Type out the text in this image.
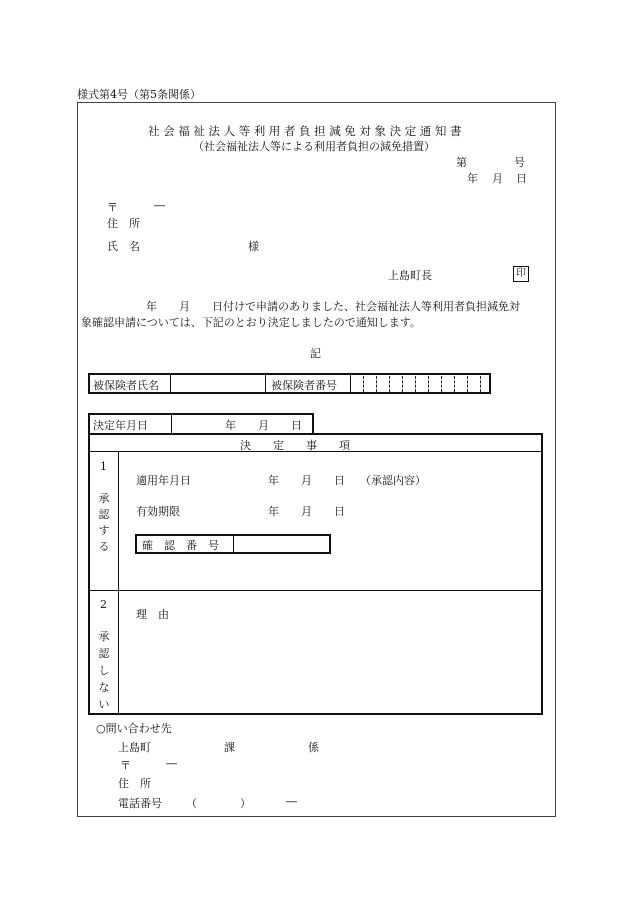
様式第4号（第5条関係）
社会福祉法人等利用者負担減免対象決定通知書
（社会福祉法人等による利用者負担の減免措置）
第	号
年 月 日
〒	―
住　所
氏　名	様
上島町長	印
年　　月　　日付けで申請のありました、社会福祉法人等利用者負担減免対
象確認申請については、下記のとおり決定しましたので通知します。
記
被保険者氏名	被保険者番号
決定年月日	年　　月　　日
決　　定　　事　　項
1
承認する
適用年月日	年　　月　　日 （承認内容）
有効期限	年　　月　　日
確　認　番　号
2
承認しない
理　由
○問い合わせ先
上島町	課	係
〒	―
住　所
電話番号 （	）	―
